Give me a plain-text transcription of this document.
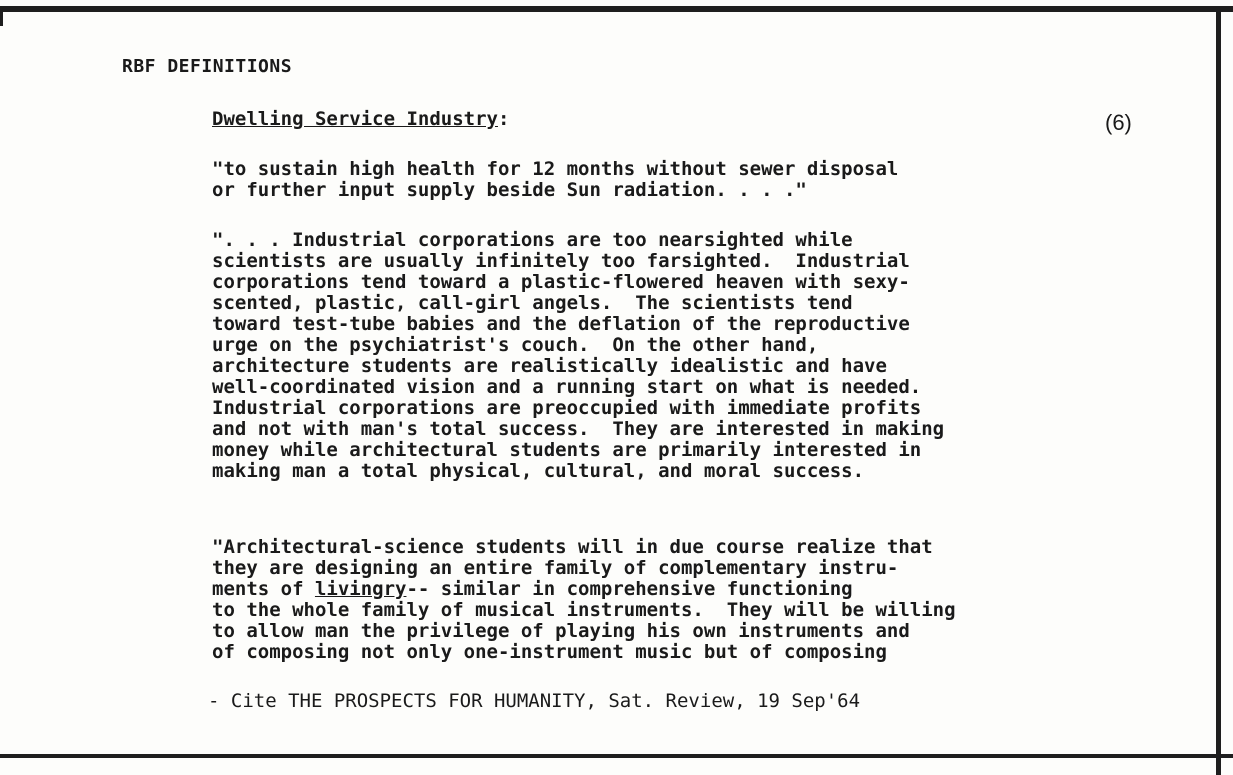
RBF DEFINITIONS
Dwelling Service Industry:	(6)
"to sustain high health for 12 months without sewer disposal
or further input supply beside Sun radiation. . . ."
". . . Industrial corporations are too nearsighted while
scientists are usually infinitely too farsighted.  Industrial
corporations tend toward a plastic-flowered heaven with sexy-
scented, plastic, call-girl angels.  The scientists tend
toward test-tube babies and the deflation of the reproductive
urge on the psychiatrist's couch.  On the other hand,
architecture students are realistically idealistic and have
well-coordinated vision and a running start on what is needed.
Industrial corporations are preoccupied with immediate profits
and not with man's total success.  They are interested in making
money while architectural students are primarily interested in
making man a total physical, cultural, and moral success.
"Architectural-science students will in due course realize that
they are designing an entire family of complementary instru-
ments of livingry-- similar in comprehensive functioning
to the whole family of musical instruments.  They will be willing
to allow man the privilege of playing his own instruments and
of composing not only one-instrument music but of composing
- Cite THE PROSPECTS FOR HUMANITY, Sat. Review, 19 Sep'64
